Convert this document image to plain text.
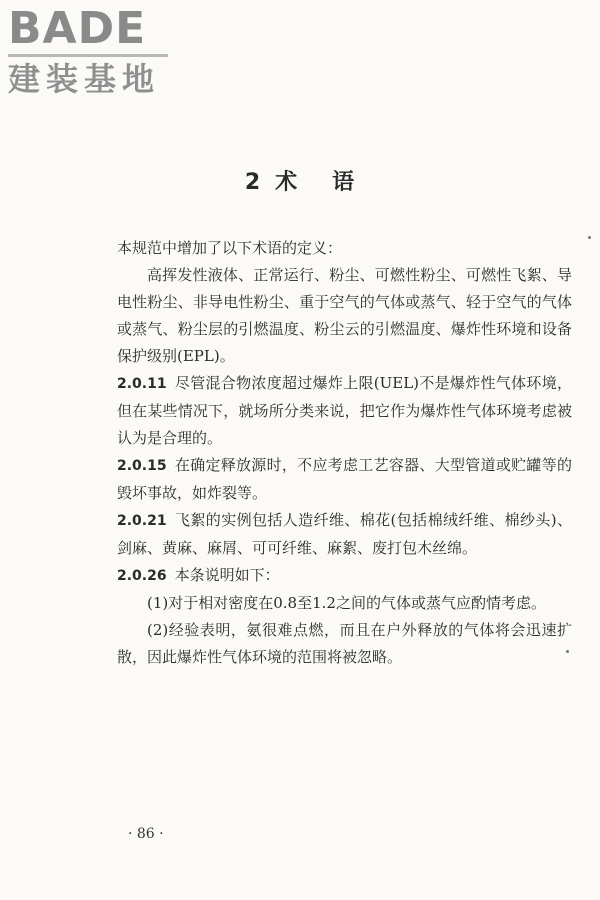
BADE
建装基地
2 术 语

本规范中增加了以下术语的定义：

高挥发性液体、正常运行、粉尘、可燃性粉尘、可燃性飞絮、导电性粉尘、非导电性粉尘、重于空气的气体或蒸气、轻于空气的气体或蒸气、粉尘层的引燃温度、粉尘云的引燃温度、爆炸性环境和设备保护级别(EPL)。

2.0.11 尽管混合物浓度超过爆炸上限(UEL)不是爆炸性气体环境，但在某些情况下，就场所分类来说，把它作为爆炸性气体环境考虑被认为是合理的。

2.0.15 在确定释放源时，不应考虑工艺容器、大型管道或贮罐等的毁坏事故，如炸裂等。

2.0.21 飞絮的实例包括人造纤维、棉花(包括棉绒纤维、棉纱头)、剑麻、黄麻、麻屑、可可纤维、麻絮、废打包木丝绵。

2.0.26 本条说明如下：

(1)对于相对密度在0.8至1.2之间的气体或蒸气应酌情考虑。

(2)经验表明，氨很难点燃，而且在户外释放的气体将会迅速扩散，因此爆炸性气体环境的范围将被忽略。

· 86 ·
